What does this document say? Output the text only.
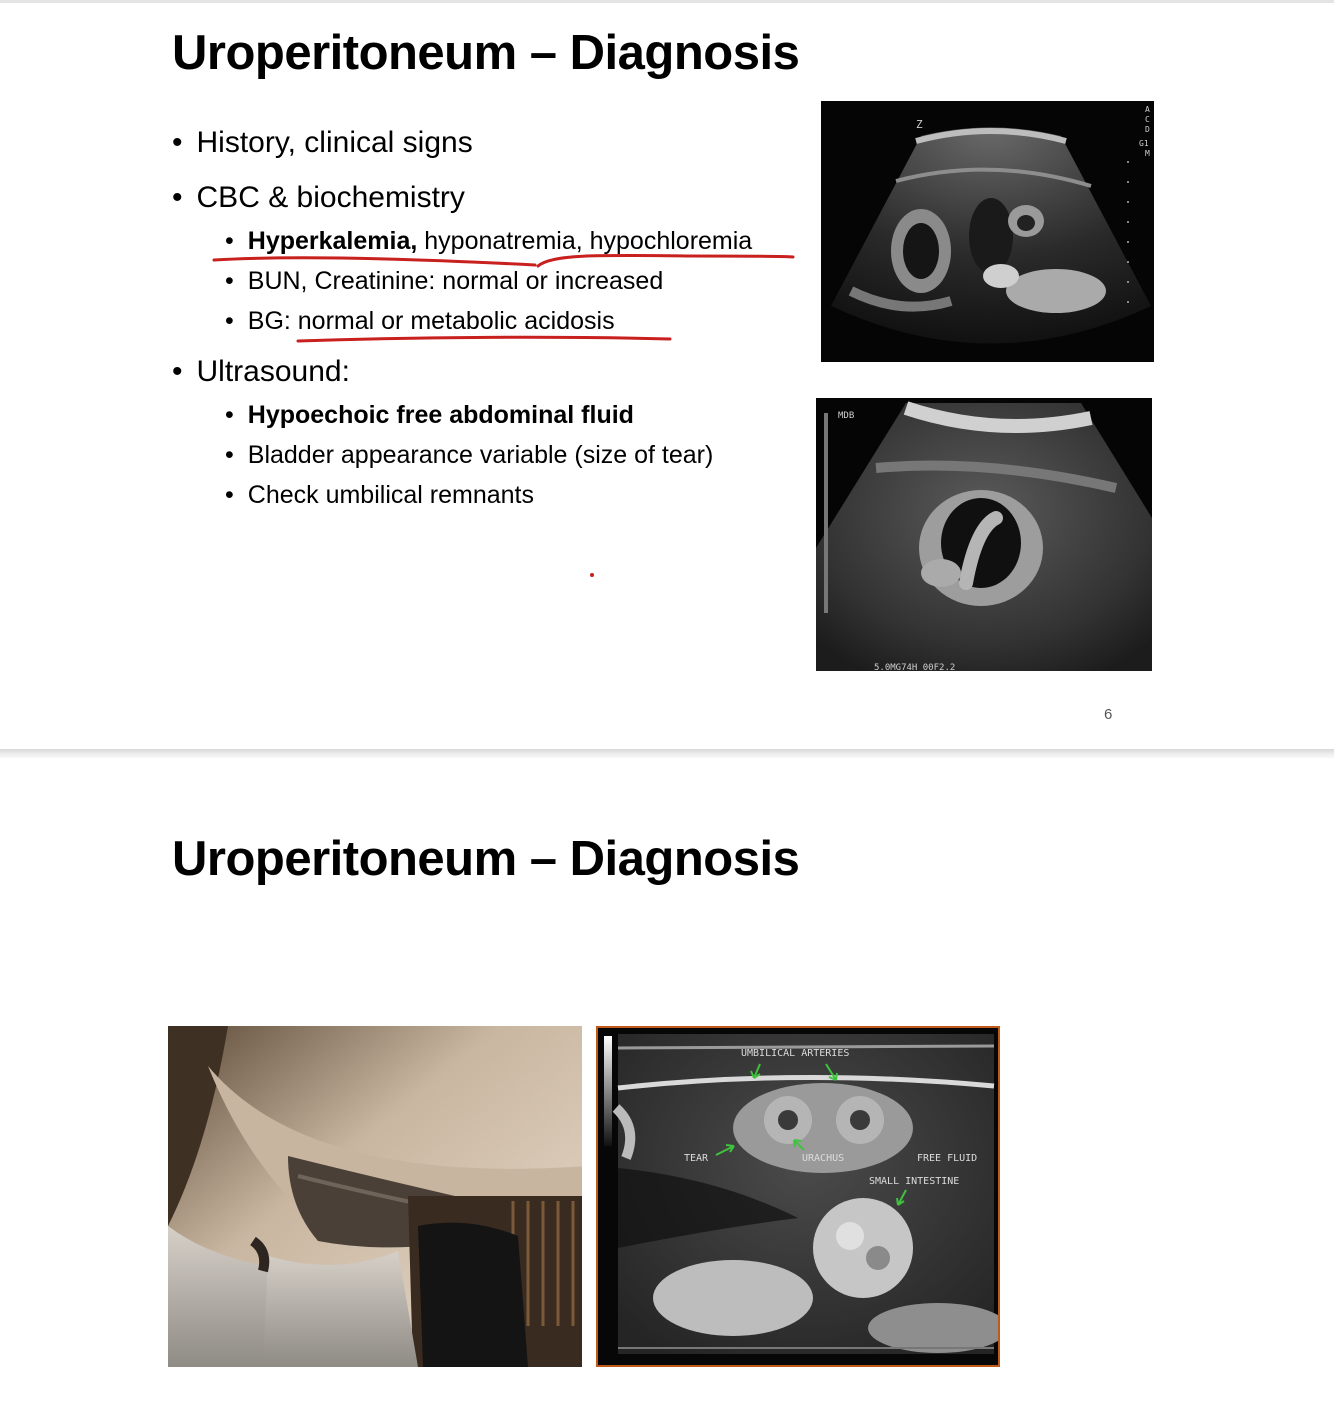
Uroperitoneum – Diagnosis
• History, clinical signs
• CBC & biochemistry
• Hyperkalemia, hyponatremia, hypochloremia
• BUN, Creatinine: normal or increased
• BG: normal or metabolic acidosis
• Ultrasound:
• Hypoechoic free abdominal fluid
• Bladder appearance variable (size of tear)
• Check umbilical remnants
Z
A
C
D
G1
M
MDB
5.0MG74H 00F2.2
6
Uroperitoneum – Diagnosis
UMBILICAL ARTERIES
TEAR	URACHUS	FREE FLUID
SMALL INTESTINE
